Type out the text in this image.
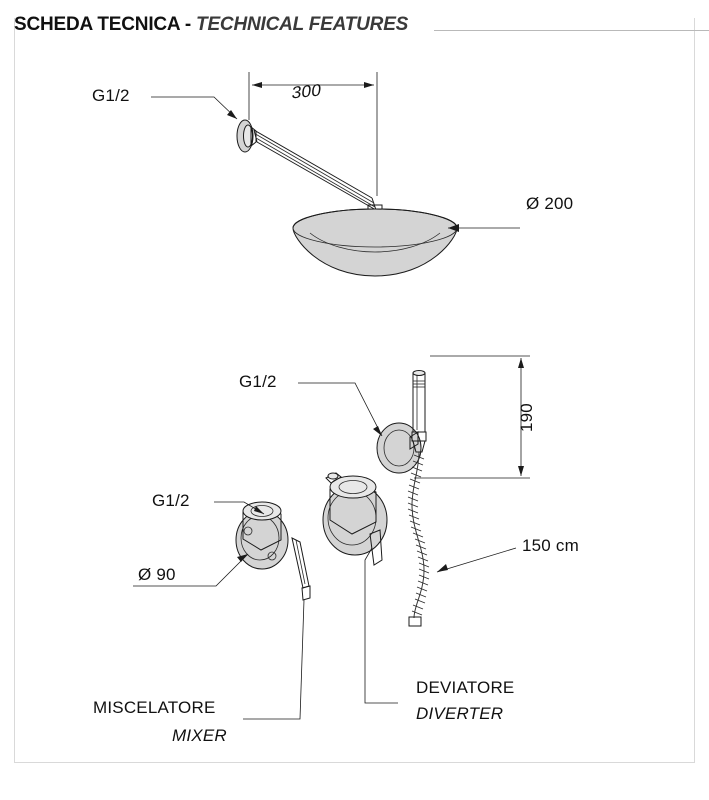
SCHEDA TECNICA - TECHNICAL FEATURES
G1/2	300
Ø 200
G1/2
190
150 cm
G1/2
Ø 90
MISCELATORE
MIXER
DEVIATORE
DIVERTER
